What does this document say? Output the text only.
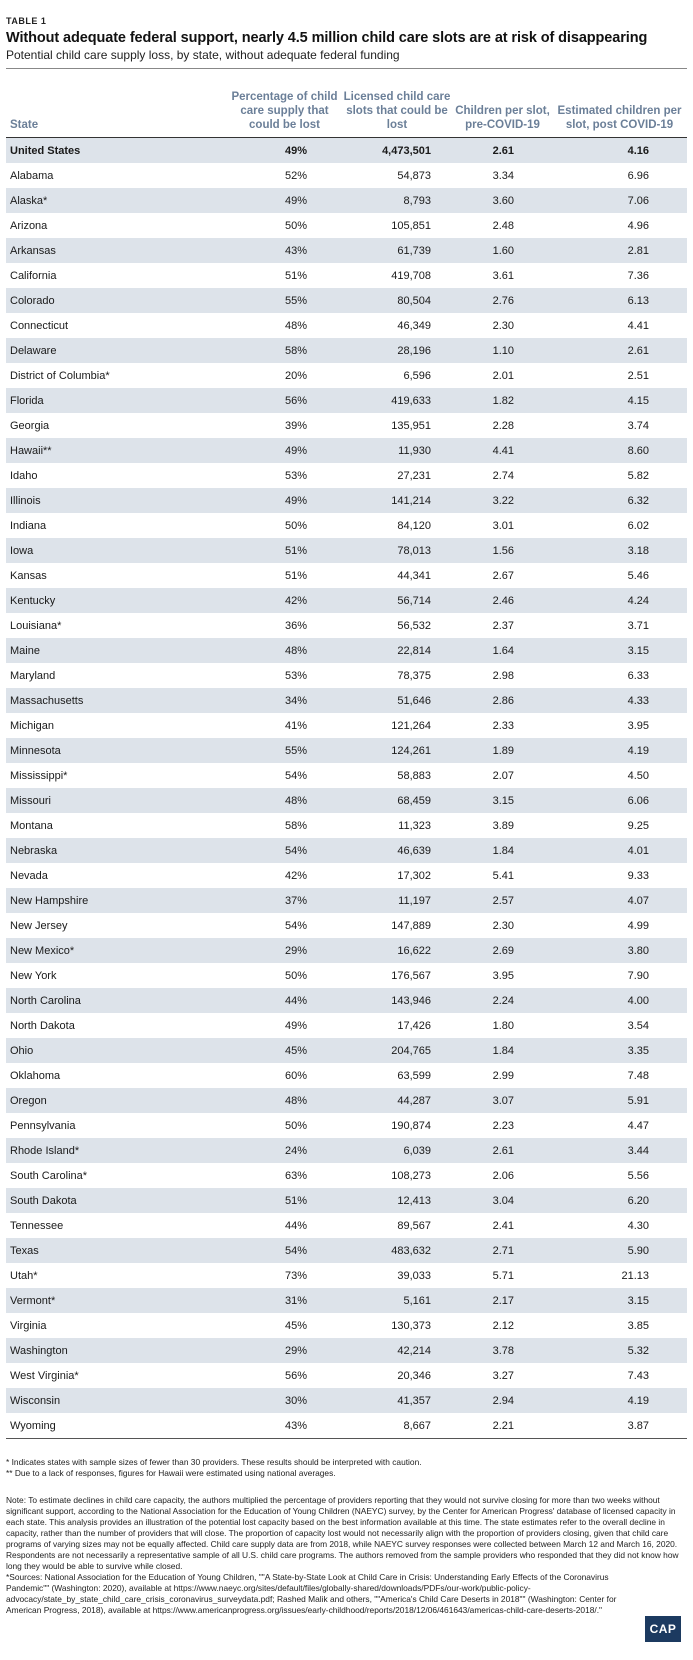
TABLE 1
Without adequate federal support, nearly 4.5 million child care slots are at risk of disappearing
Potential child care supply loss, by state, without adequate federal funding
State	Percentage of child care supply that could be lost	Licensed child care slots that could be lost	Children per slot, pre-COVID-19	Estimated children per slot, post COVID-19
United States	49%	4,473,501	2.61	4.16
Alabama	52%	54,873	3.34	6.96
Alaska*	49%	8,793	3.60	7.06
Arizona	50%	105,851	2.48	4.96
Arkansas	43%	61,739	1.60	2.81
California	51%	419,708	3.61	7.36
Colorado	55%	80,504	2.76	6.13
Connecticut	48%	46,349	2.30	4.41
Delaware	58%	28,196	1.10	2.61
District of Columbia*	20%	6,596	2.01	2.51
Florida	56%	419,633	1.82	4.15
Georgia	39%	135,951	2.28	3.74
Hawaii**	49%	11,930	4.41	8.60
Idaho	53%	27,231	2.74	5.82
Illinois	49%	141,214	3.22	6.32
Indiana	50%	84,120	3.01	6.02
Iowa	51%	78,013	1.56	3.18
Kansas	51%	44,341	2.67	5.46
Kentucky	42%	56,714	2.46	4.24
Louisiana*	36%	56,532	2.37	3.71
Maine	48%	22,814	1.64	3.15
Maryland	53%	78,375	2.98	6.33
Massachusetts	34%	51,646	2.86	4.33
Michigan	41%	121,264	2.33	3.95
Minnesota	55%	124,261	1.89	4.19
Mississippi*	54%	58,883	2.07	4.50
Missouri	48%	68,459	3.15	6.06
Montana	58%	11,323	3.89	9.25
Nebraska	54%	46,639	1.84	4.01
Nevada	42%	17,302	5.41	9.33
New Hampshire	37%	11,197	2.57	4.07
New Jersey	54%	147,889	2.30	4.99
New Mexico*	29%	16,622	2.69	3.80
New York	50%	176,567	3.95	7.90
North Carolina	44%	143,946	2.24	4.00
North Dakota	49%	17,426	1.80	3.54
Ohio	45%	204,765	1.84	3.35
Oklahoma	60%	63,599	2.99	7.48
Oregon	48%	44,287	3.07	5.91
Pennsylvania	50%	190,874	2.23	4.47
Rhode Island*	24%	6,039	2.61	3.44
South Carolina*	63%	108,273	2.06	5.56
South Dakota	51%	12,413	3.04	6.20
Tennessee	44%	89,567	2.41	4.30
Texas	54%	483,632	2.71	5.90
Utah*	73%	39,033	5.71	21.13
Vermont*	31%	5,161	2.17	3.15
Virginia	45%	130,373	2.12	3.85
Washington	29%	42,214	3.78	5.32
West Virginia*	56%	20,346	3.27	7.43
Wisconsin	30%	41,357	2.94	4.19
Wyoming	43%	8,667	2.21	3.87
* Indicates states with sample sizes of fewer than 30 providers. These results should be interpreted with caution.
** Due to a lack of responses, figures for Hawaii were estimated using national averages.
Note: To estimate declines in child care capacity, the authors multiplied the percentage of providers reporting that they would not survive closing for more than two weeks without significant support, according to the National Association for the Education of Young Children (NAEYC) survey, by the Center for American Progress' database of licensed capacity in each state. This analysis provides an illustration of the potential lost capacity based on the best information available at this time. The state estimates refer to the overall decline in capacity, rather than the number of providers that will close. The proportion of capacity lost would not necessarily align with the proportion of providers closing, given that child care programs of varying sizes may not be equally affected. Child care supply data are from 2018, while NAEYC survey responses were collected between March 12 and March 16, 2020. Respondents are not necessarily a representative sample of all U.S. child care programs. The authors removed from the sample providers who responded that they did not know how long they would be able to survive while closed.
*Sources: National Association for the Education of Young Children, ""A State-by-State Look at Child Care in Crisis: Understanding Early Effects of the Coronavirus Pandemic"" (Washington: 2020), available at https://www.naeyc.org/sites/default/files/globally-shared/downloads/PDFs/our-work/public-policy-advocacy/state_by_state_child_care_crisis_coronavirus_surveydata.pdf; Rashed Malik and others, ""America's Child Care Deserts in 2018"" (Washington: Center for American Progress, 2018), available at https://www.americanprogress.org/issues/early-childhood/reports/2018/12/06/461643/americas-child-care-deserts-2018/."
CAP
